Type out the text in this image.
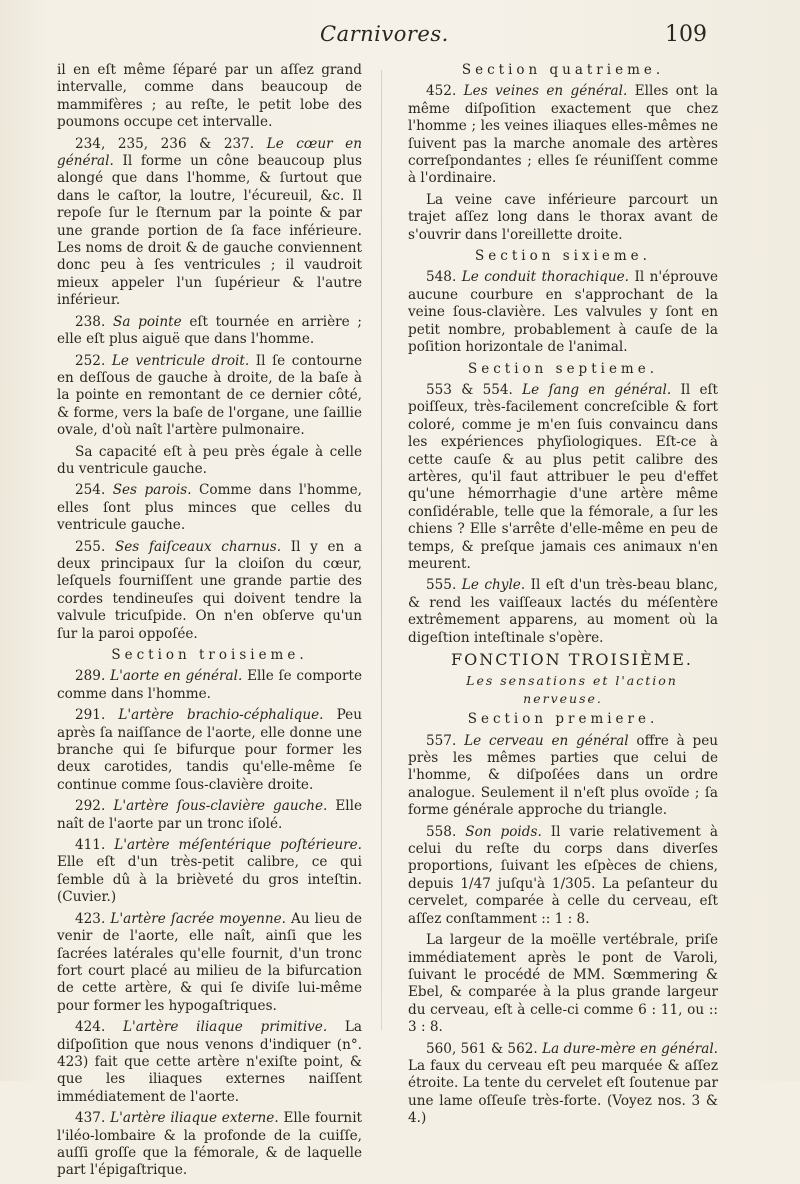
Carnivores.	109

il en eſt même ſéparé par un aſſez grand intervalle, comme dans beaucoup de mammifères ; au reſte, le petit lobe des poumons occupe cet intervalle.

234, 235, 236 & 237. Le cœur en général. Il forme un cône beaucoup plus alongé que dans l'homme, & ſurtout que dans le caſtor, la loutre, l'écureuil, &c. Il repoſe ſur le ſternum par la pointe & par une grande portion de ſa face inférieure. Les noms de droit & de gauche conviennent donc peu à ſes ventricules ; il vaudroit mieux appeler l'un ſupérieur & l'autre inférieur.

238. Sa pointe eſt tournée en arrière ; elle eſt plus aiguë que dans l'homme.

252. Le ventricule droit. Il ſe contourne en deſſous de gauche à droite, de la baſe à la pointe en remontant de ce dernier côté, & forme, vers la baſe de l'organe, une ſaillie ovale, d'où naît l'artère pulmonaire.

Sa capacité eſt à peu près égale à celle du ventricule gauche.

254. Ses parois. Comme dans l'homme, elles ſont plus minces que celles du ventricule gauche.

255. Ses faiſceaux charnus. Il y en a deux principaux ſur la cloiſon du cœur, leſquels fourniſſent une grande partie des cordes tendineuſes qui doivent tendre la valvule tricuſpide. On n'en obſerve qu'un ſur la paroi oppoſée.

Section troisieme.

289. L'aorte en général. Elle ſe comporte comme dans l'homme.

291. L'artère brachio-céphalique. Peu après ſa naiſſance de l'aorte, elle donne une branche qui ſe bifurque pour former les deux carotides, tandis qu'elle-même ſe continue comme ſous-clavière droite.

292. L'artère ſous-clavière gauche. Elle naît de l'aorte par un tronc iſolé.

411. L'artère méſentérique poſtérieure. Elle eſt d'un très-petit calibre, ce qui ſemble dû à la brièveté du gros inteſtin. (Cuvier.)

423. L'artère ſacrée moyenne. Au lieu de venir de l'aorte, elle naît, ainſi que les ſacrées latérales qu'elle fournit, d'un tronc fort court placé au milieu de la bifurcation de cette artère, & qui ſe diviſe lui-même pour former les hypogaſtriques.

424. L'artère iliaque primitive. La diſpoſition que nous venons d'indiquer (n°. 423) fait que cette artère n'exiſte point, & que les iliaques externes naiſſent immédiatement de l'aorte.

437. L'artère iliaque externe. Elle fournit l'iléo-lombaire & la profonde de la cuiſſe, auſſi groſſe que la fémorale, & de laquelle part l'épigaſtrique.

Section quatrieme.

452. Les veines en général. Elles ont la même diſpoſition exactement que chez l'homme ; les veines iliaques elles-mêmes ne ſuivent pas la marche anomale des artères correſpondantes ; elles ſe réuniſſent comme à l'ordinaire.

La veine cave inférieure parcourt un trajet aſſez long dans le thorax avant de s'ouvrir dans l'oreillette droite.

Section sixieme.

548. Le conduit thorachique. Il n'éprouve aucune courbure en s'approchant de la veine ſous-clavière. Les valvules y ſont en petit nombre, probablement à cauſe de la poſition horizontale de l'animal.

Section septieme.

553 & 554. Le ſang en général. Il eſt poiſſeux, très-facilement concreſcible & fort coloré, comme je m'en ſuis convaincu dans les expériences phyſiologiques. Eſt-ce à cette cauſe & au plus petit calibre des artères, qu'il faut attribuer le peu d'effet qu'une hémorrhagie d'une artère même conſidérable, telle que la fémorale, a ſur les chiens ? Elle s'arrête d'elle-même en peu de temps, & preſque jamais ces animaux n'en meurent.

555. Le chyle. Il eſt d'un très-beau blanc, & rend les vaiſſeaux lactés du méſentère extrêmement apparens, au moment où la digeſtion inteſtinale s'opère.

FONCTION TROISIÈME.

Les sensations et l'action nerveuse.

Section premiere.

557. Le cerveau en général offre à peu près les mêmes parties que celui de l'homme, & diſpoſées dans un ordre analogue. Seulement il n'eſt plus ovoïde ; ſa forme générale approche du triangle.

558. Son poids. Il varie relativement à celui du reſte du corps dans diverſes proportions, ſuivant les eſpèces de chiens, depuis 1/47 juſqu'à 1/305. La peſanteur du cervelet, comparée à celle du cerveau, eſt aſſez conſtamment :: 1 : 8.

La largeur de la moëlle vertébrale, priſe immédiatement après le pont de Varoli, ſuivant le procédé de MM. Sœmmering & Ebel, & comparée à la plus grande largeur du cerveau, eſt à celle-ci comme 6 : 11, ou :: 3 : 8.

560, 561 & 562. La dure-mère en général. La faux du cerveau eſt peu marquée & aſſez étroite. La tente du cervelet eſt ſoutenue par une lame oſſeuſe très-forte. (Voyez nos. 3 & 4.)
